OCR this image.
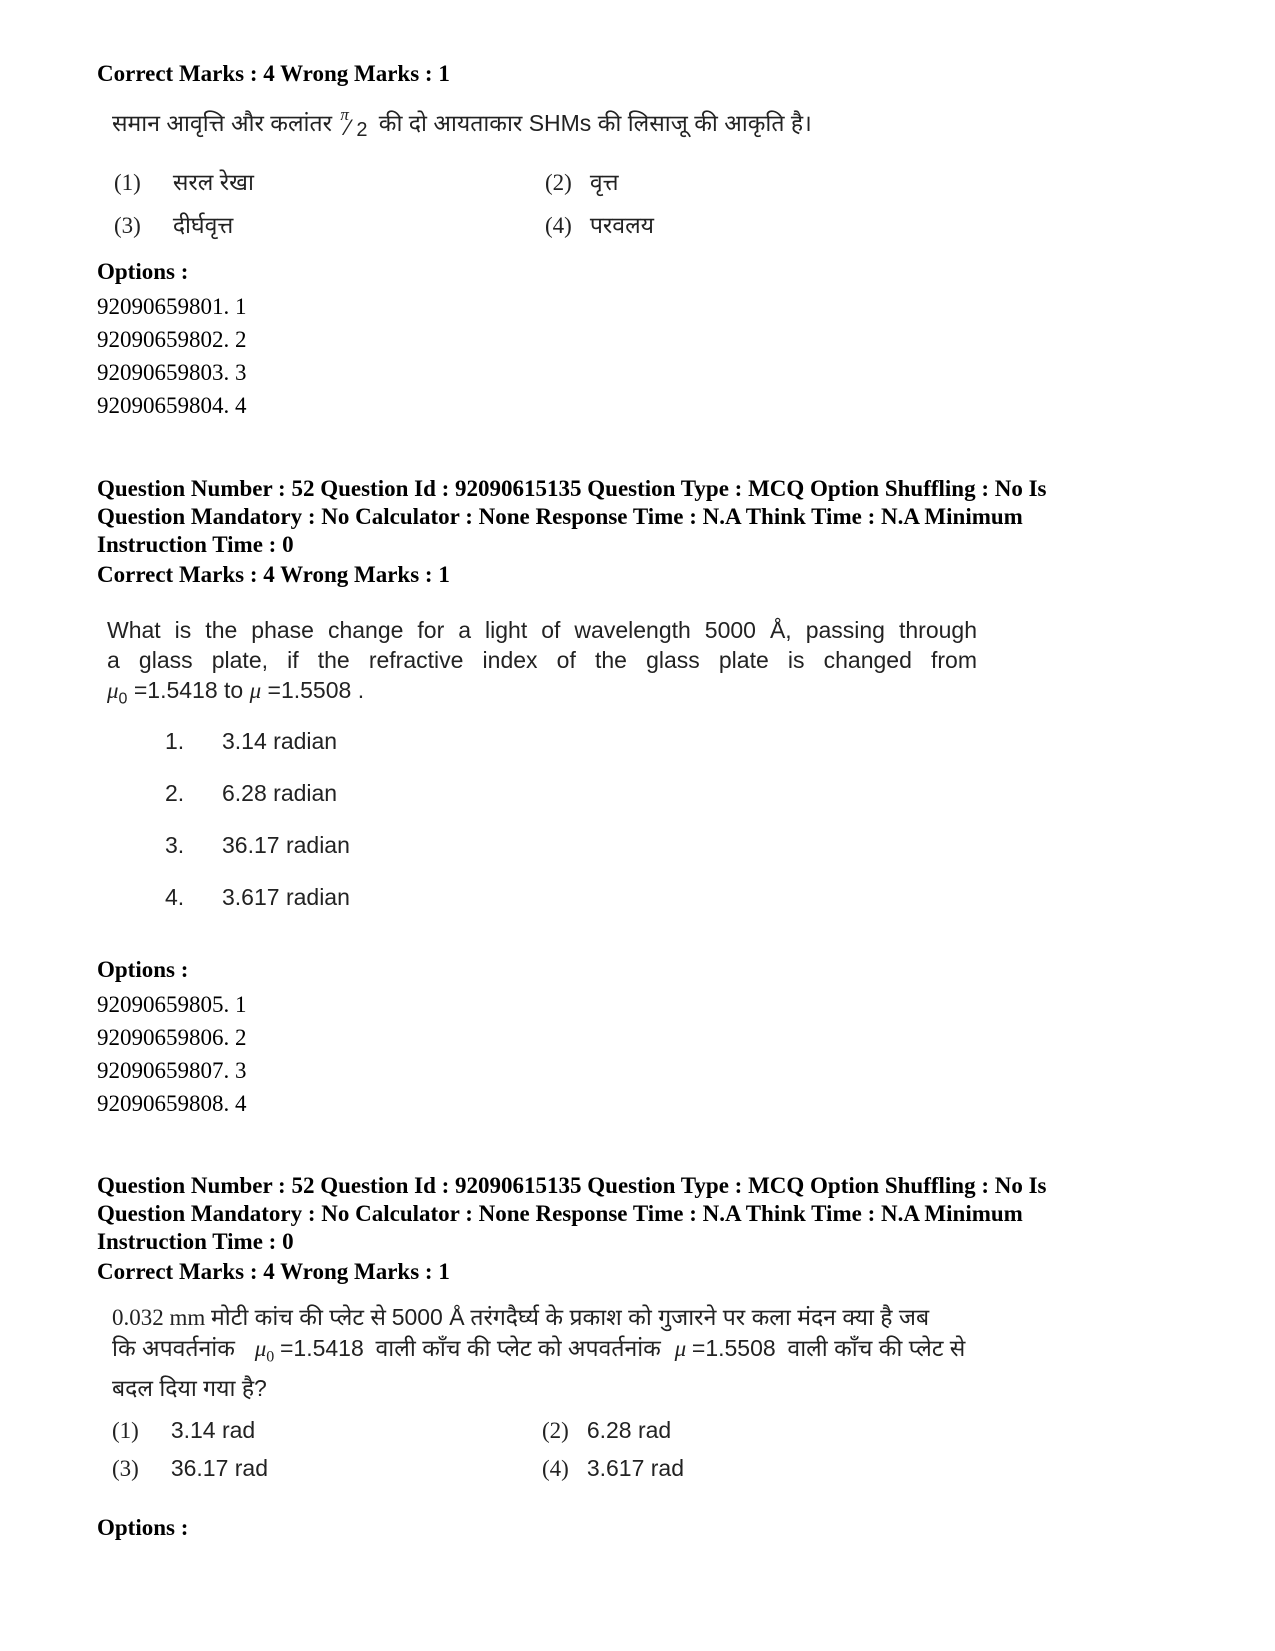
Correct Marks : 4 Wrong Marks : 1
समान आवृत्ति और कलांतर π
⁄ 2 की दो आयताकार SHMs की लिसाजू की आकृति है।
(1) सरल रेखा	(2) वृत्त
(3) दीर्घवृत्त	(4) परवलय
Options :
92090659801. 1
92090659802. 2
92090659803. 3
92090659804. 4
Question Number : 52 Question Id : 92090615135 Question Type : MCQ Option Shuffling : No Is
Question Mandatory : No Calculator : None Response Time : N.A Think Time : N.A Minimum
Instruction Time : 0
Correct Marks : 4 Wrong Marks : 1
What is the phase change for a light of wavelength 5000 Å, passing through
a glass plate, if the refractive index of the glass plate is changed from
$\mu_0 =1.5418$ to μ =1.5508 .
1. 3.14 radian
2. 6.28 radian
3. 36.17 radian
4. 3.617 radian
Options :
92090659805. 1
92090659806. 2
92090659807. 3
92090659808. 4
Question Number : 52 Question Id : 92090615135 Question Type : MCQ Option Shuffling : No Is
Question Mandatory : No Calculator : None Response Time : N.A Think Time : N.A Minimum
Instruction Time : 0
Correct Marks : 4 Wrong Marks : 1
0.032 mm मोटी कांच की प्लेट से 5000 Å तरंगदैर्घ्य के प्रकाश को गुजारने पर कला मंदन क्या है जब
कि अपवर्तनांक $\mu_0 =1.5418$ वाली काँच की प्लेट को अपवर्तनांक μ =1.5508 वाली काँच की प्लेट से
बदल दिया गया है?
(1) 3.14 rad	(2) 6.28 rad
(3) 36.17 rad	(4) 3.617 rad
Options :
